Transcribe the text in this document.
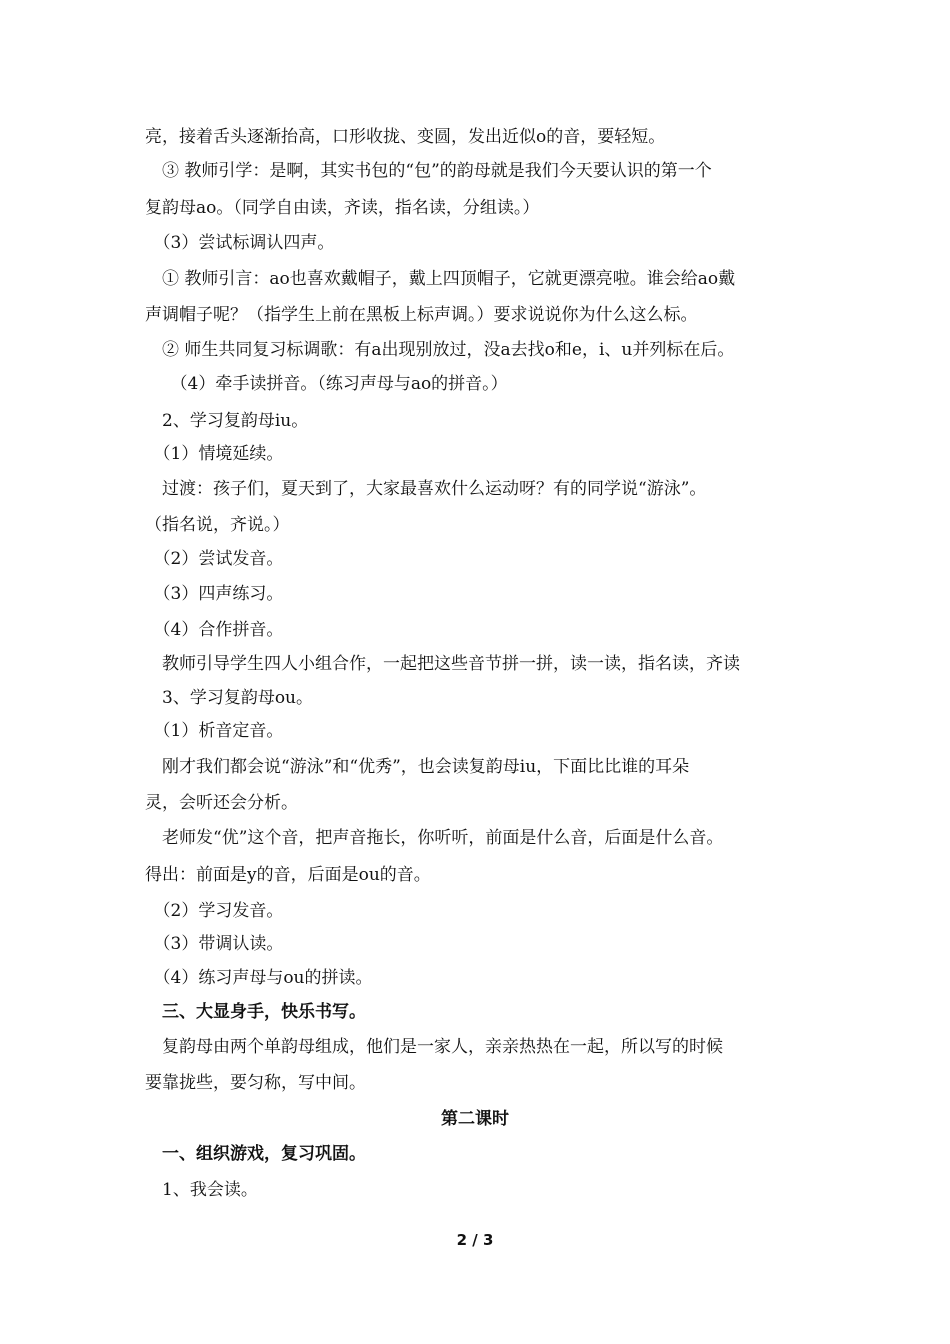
亮，接着舌头逐渐抬高，口形收拢、变圆，发出近似o的音，要轻短。
　③ 教师引学：是啊，其实书包的“包”的韵母就是我们今天要认识的第一个
复韵母ao。（同学自由读，齐读，指名读，分组读。）
　（3）尝试标调认四声。
　① 教师引言：ao也喜欢戴帽子，戴上四顶帽子，它就更漂亮啦。谁会给ao戴
声调帽子呢？（指学生上前在黑板上标声调。）要求说说你为什么这么标。
　② 师生共同复习标调歌：有a出现别放过，没a去找o和e，i、u并列标在后。
　　（4）牵手读拼音。（练习声母与ao的拼音。）
　2、学习复韵母iu。
　（1）情境延续。
　过渡：孩子们，夏天到了，大家最喜欢什么运动呀？有的同学说“游泳”。
（指名说，齐说。）
　（2）尝试发音。
　（3）四声练习。
　（4）合作拼音。
　教师引导学生四人小组合作，一起把这些音节拼一拼，读一读，指名读，齐读
　3、学习复韵母ou。
　（1）析音定音。
　刚才我们都会说“游泳”和“优秀”，也会读复韵母iu，下面比比谁的耳朵
灵，会听还会分析。
　老师发“优”这个音，把声音拖长，你听听，前面是什么音，后面是什么音。
得出：前面是y的音，后面是ou的音。
　（2）学习发音。
　（3）带调认读。
　（4）练习声母与ou的拼读。
　三、大显身手，快乐书写。
　复韵母由两个单韵母组成，他们是一家人，亲亲热热在一起，所以写的时候
要靠拢些，要匀称，写中间。
第二课时
　一、组织游戏，复习巩固。
　1、我会读。
2 / 3
